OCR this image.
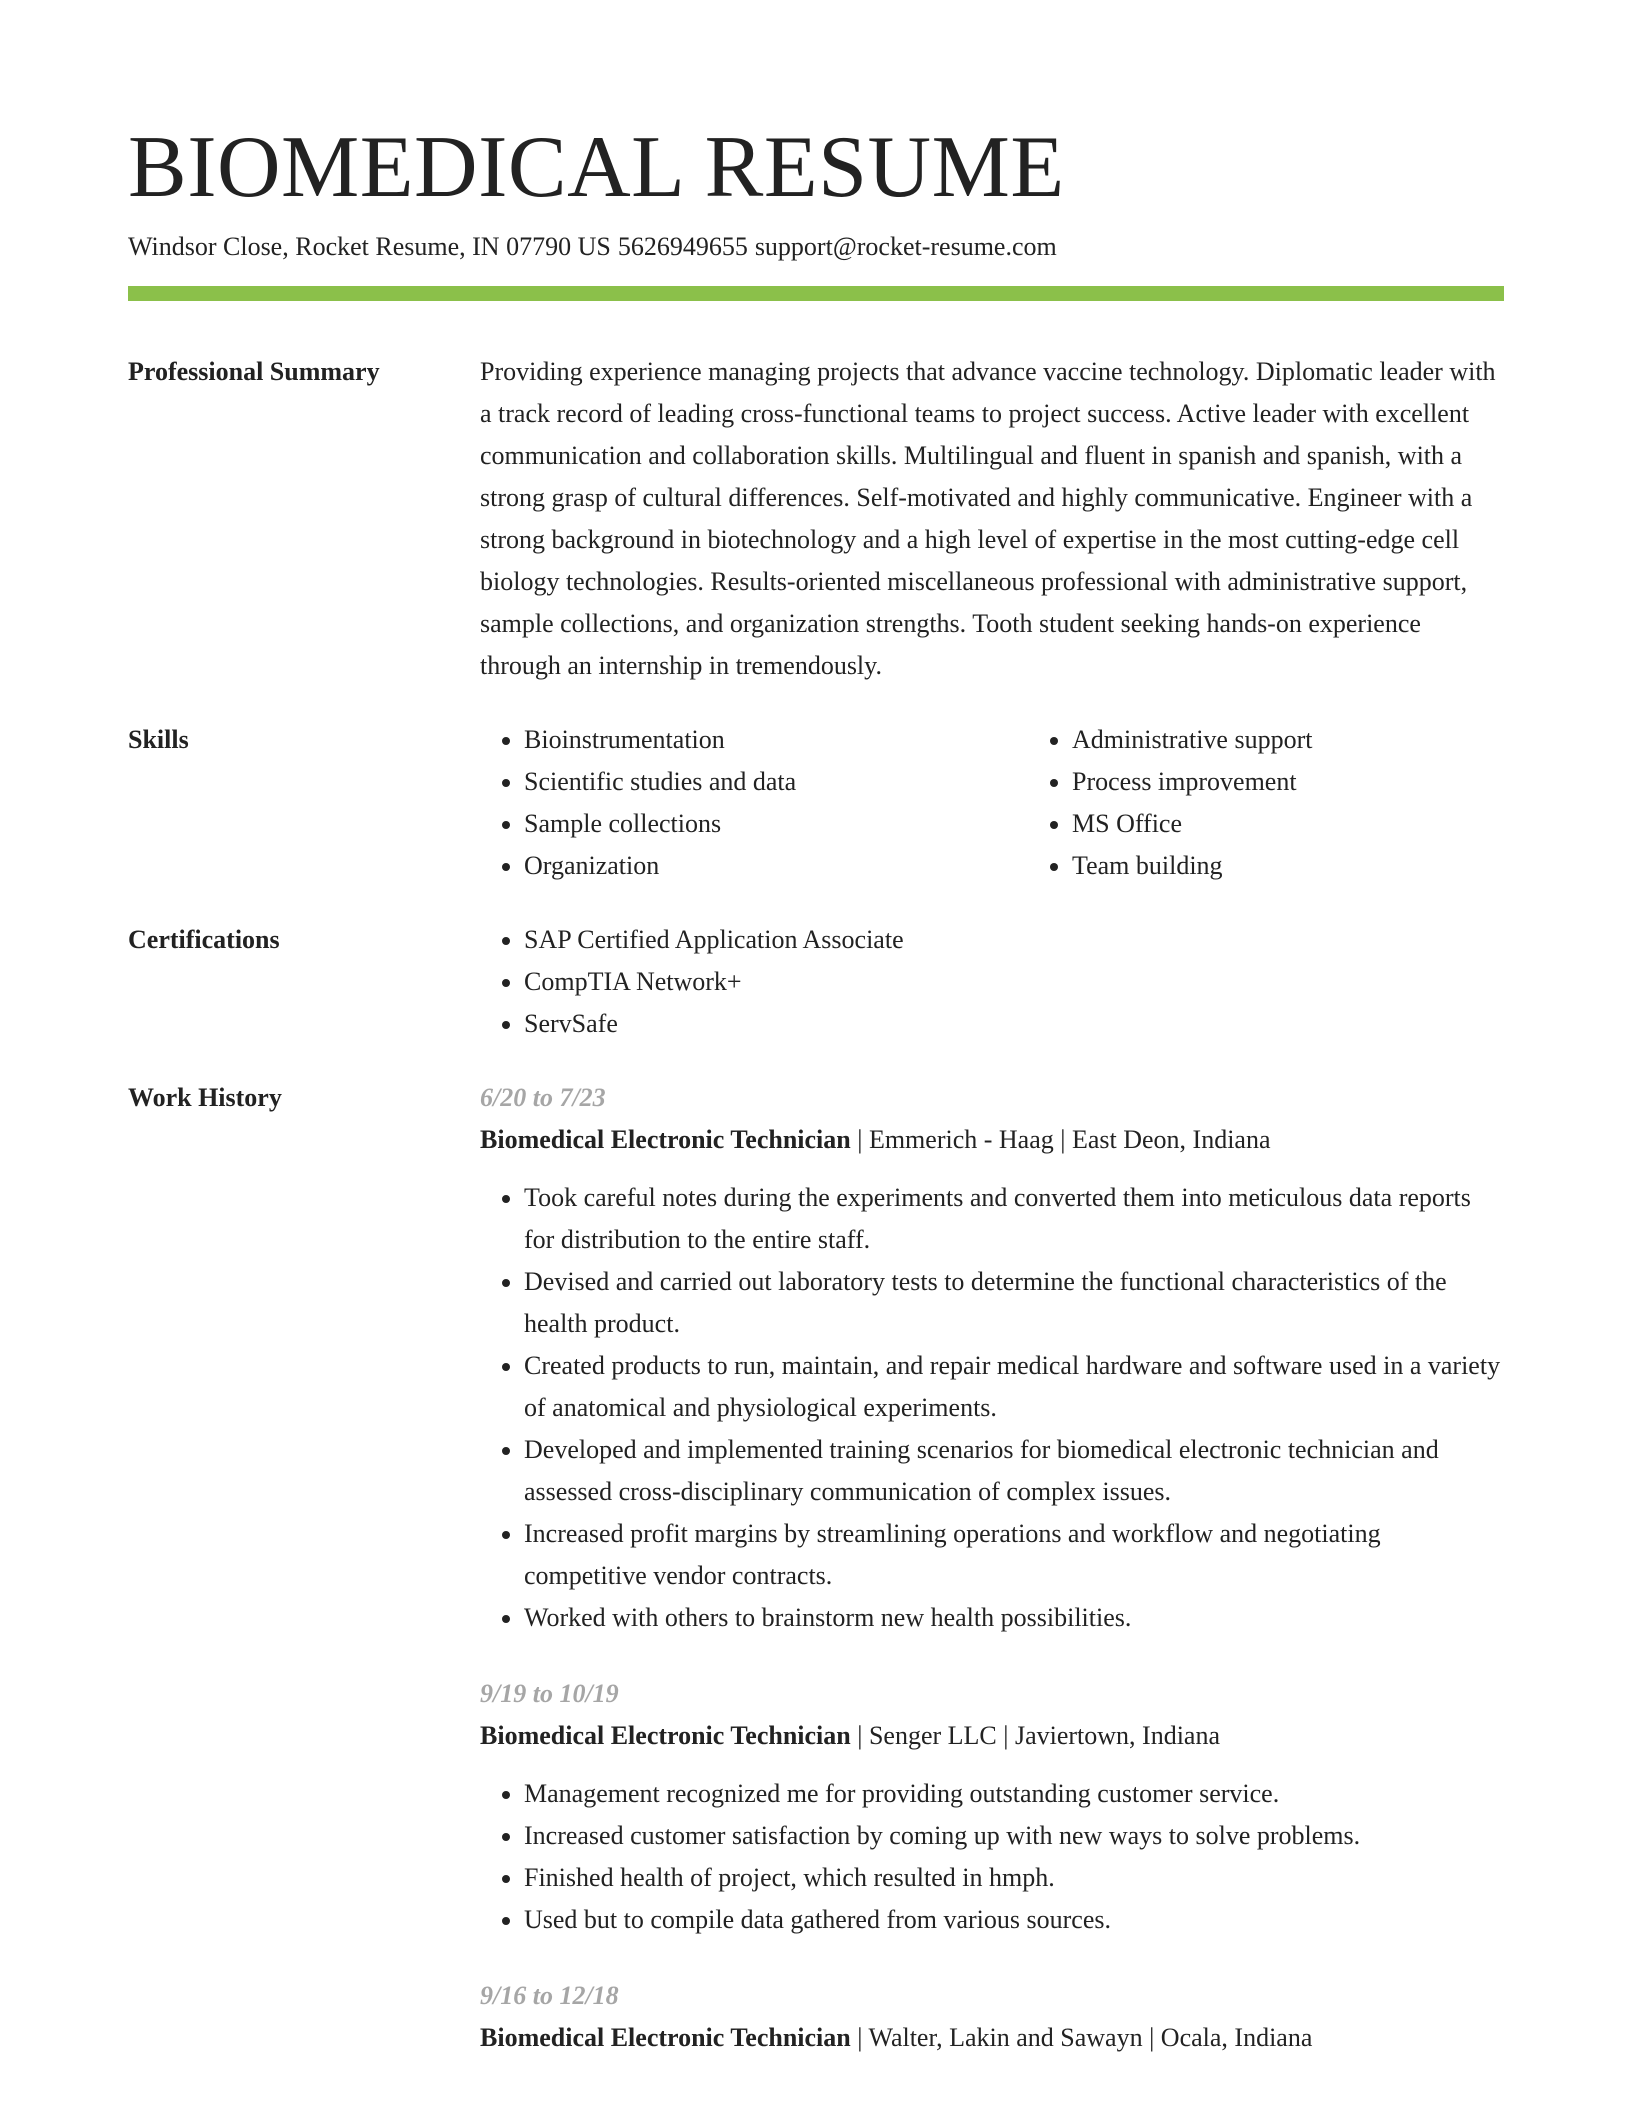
BIOMEDICAL RESUME
Windsor Close, Rocket Resume, IN 07790 US 5626949655 support@rocket-resume.com
Professional Summary	Providing experience managing projects that advance vaccine technology. Diplomatic leader with a track record of leading cross-functional teams to project success. Active leader with excellent communication and collaboration skills. Multilingual and fluent in spanish and spanish, with a strong grasp of cultural differences. Self-motivated and highly communicative. Engineer with a strong background in biotechnology and a high level of expertise in the most cutting-edge cell biology technologies. Results-oriented miscellaneous professional with administrative support, sample collections, and organization strengths. Tooth student seeking hands-on experience through an internship in tremendously.

Skills	• Bioinstrumentation
• Scientific studies and data
• Sample collections
• Organization
• Administrative support
• Process improvement
• MS Office
• Team building
Certifications	• SAP Certified Application Associate
• CompTIA Network+
• ServSafe
Work History	6/20 to 7/23
Biomedical Electronic Technician | Emmerich - Haag | East Deon, Indiana
• Took careful notes during the experiments and converted them into meticulous data reports for distribution to the entire staff.
• Devised and carried out laboratory tests to determine the functional characteristics of the health product.
• Created products to run, maintain, and repair medical hardware and software used in a variety of anatomical and physiological experiments.
• Developed and implemented training scenarios for biomedical electronic technician and assessed cross-disciplinary communication of complex issues.
• Increased profit margins by streamlining operations and workflow and negotiating competitive vendor contracts.
• Worked with others to brainstorm new health possibilities.
9/19 to 10/19
Biomedical Electronic Technician | Senger LLC | Javiertown, Indiana
• Management recognized me for providing outstanding customer service.
• Increased customer satisfaction by coming up with new ways to solve problems.
• Finished health of project, which resulted in hmph.
• Used but to compile data gathered from various sources.
9/16 to 12/18
Biomedical Electronic Technician | Walter, Lakin and Sawayn | Ocala, Indiana
